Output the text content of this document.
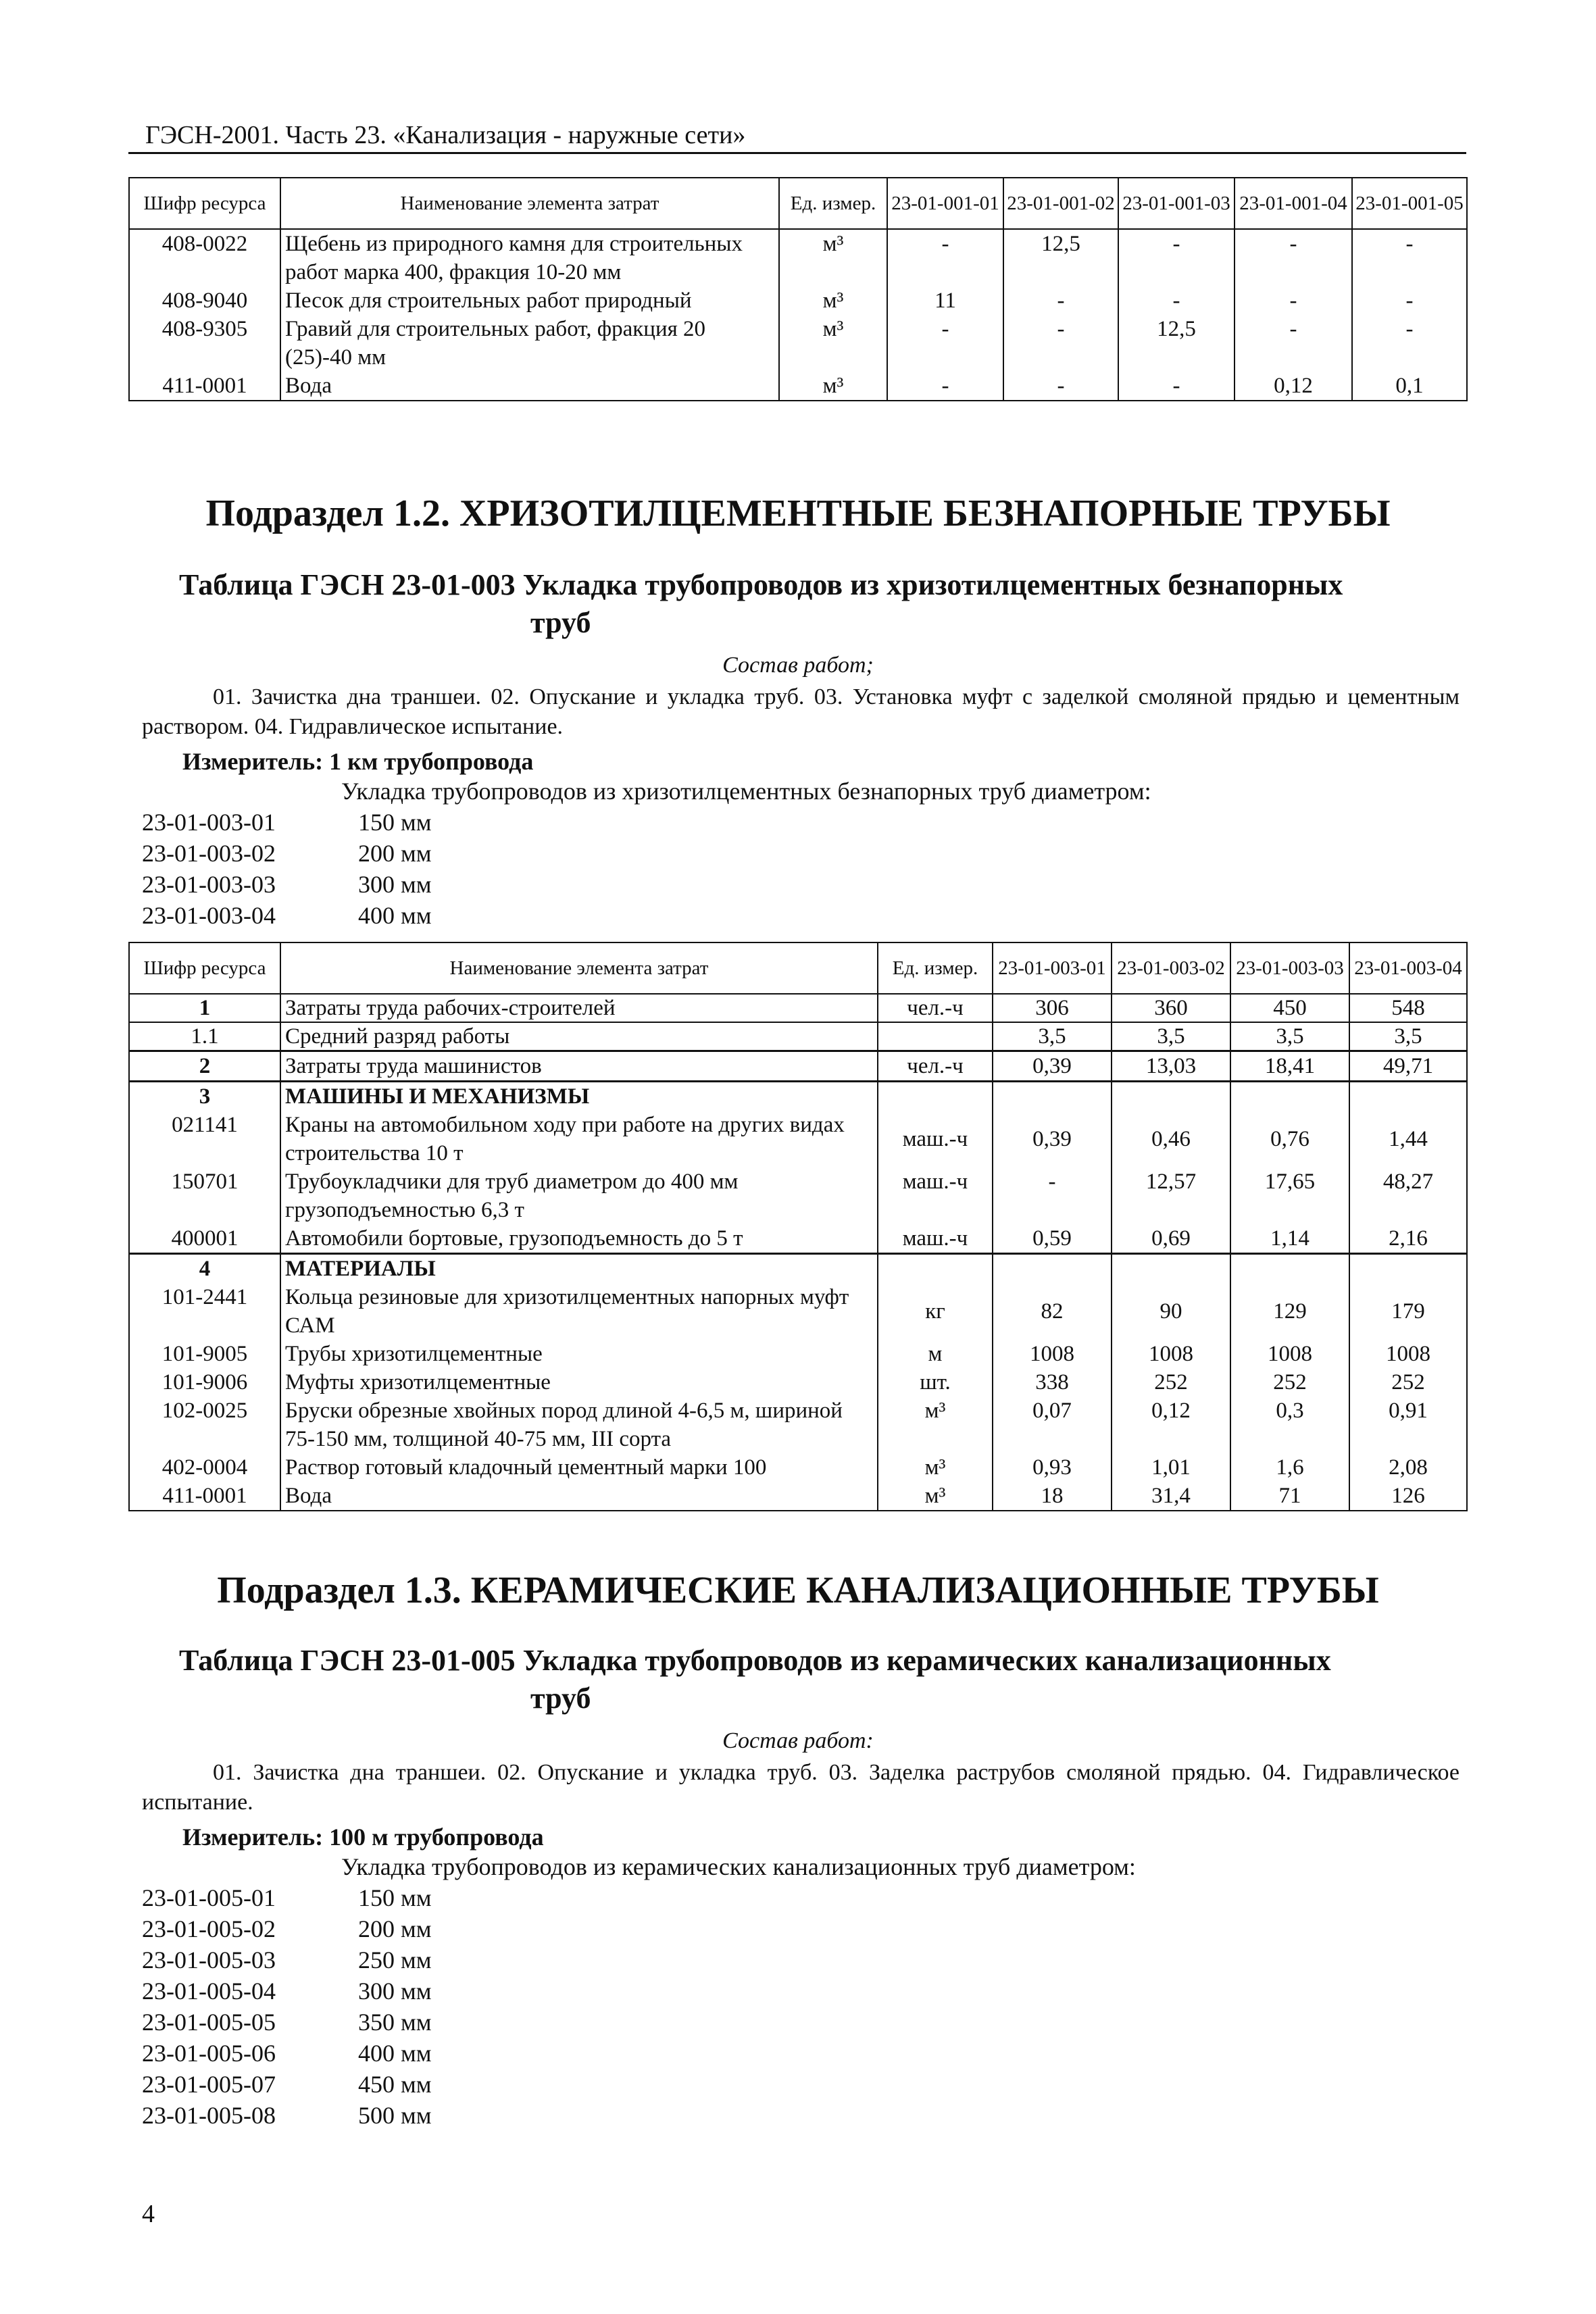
ГЭСН-2001. Часть 23. «Канализация - наружные сети»
Шифр ресурса	Наименование элемента затрат	Ед. измер.	23-01-001-01	23-01-001-02	23-01-001-03	23-01-001-04	23-01-001-05
408-0022	Щебень из природного камня для строительных работ марка 400, фракция 10-20 мм	м³	-	12,5	-	-	-
408-9040	Песок для строительных работ природный	м³	11	-	-	-	-
408-9305	Гравий для строительных работ, фракция 20 (25)-40 мм	м³	-	-	12,5	-	-
411-0001	Вода	м³	-	-	-	0,12	0,1
Подраздел 1.2. ХРИЗОТИЛЦЕМЕНТНЫЕ БЕЗНАПОРНЫЕ ТРУБЫ
Таблица ГЭСН 23-01-003 Укладка трубопроводов из хризотилцементных безнапорных
труб
Состав работ;
01. Зачистка дна траншеи. 02. Опускание и укладка труб. 03. Установка муфт с заделкой смоляной прядью и цементным раствором. 04. Гидравлическое испытание.
Измеритель: 1 км трубопровода
Укладка трубопроводов из хризотилцементных безнапорных труб диаметром:
23-01-003-01	150 мм
23-01-003-02	200 мм
23-01-003-03	300 мм
23-01-003-04	400 мм
Шифр ресурса	Наименование элемента затрат	Ед. измер.	23-01-003-01	23-01-003-02	23-01-003-03	23-01-003-04
1	Затраты труда рабочих-строителей	чел.-ч	306	360	450	548
1.1	Средний разряд работы		3,5	3,5	3,5	3,5
2	Затраты труда машинистов	чел.-ч	0,39	13,03	18,41	49,71
3	МАШИНЫ И МЕХАНИЗМЫ					
021141	Краны на автомобильном ходу при работе на других видах строительства 10 т	маш.-ч	0,39	0,46	0,76	1,44
150701	Трубоукладчики для труб диаметром до 400 мм грузоподъемностью 6,3 т	маш.-ч	-	12,57	17,65	48,27
400001	Автомобили бортовые, грузоподъемность до 5 т	маш.-ч	0,59	0,69	1,14	2,16
4	МАТЕРИАЛЫ					
101-2441	Кольца резиновые для хризотилцементных напорных муфт САМ	кг	82	90	129	179
101-9005	Трубы хризотилцементные	м	1008	1008	1008	1008
101-9006	Муфты хризотилцементные	шт.	338	252	252	252
102-0025	Бруски обрезные хвойных пород длиной 4-6,5 м, шириной 75-150 мм, толщиной 40-75 мм, III сорта	м³	0,07	0,12	0,3	0,91
402-0004	Раствор готовый кладочный цементный марки 100	м³	0,93	1,01	1,6	2,08
411-0001	Вода	м³	18	31,4	71	126
Подраздел 1.3. КЕРАМИЧЕСКИЕ КАНАЛИЗАЦИОННЫЕ ТРУБЫ
Таблица ГЭСН 23-01-005 Укладка трубопроводов из керамических канализационных
труб
Состав работ:
01. Зачистка дна траншеи. 02. Опускание и укладка труб. 03. Заделка раструбов смоляной прядью. 04. Гидравлическое испытание.
Измеритель: 100 м трубопровода
Укладка трубопроводов из керамических канализационных труб диаметром:
23-01-005-01	150 мм
23-01-005-02	200 мм
23-01-005-03	250 мм
23-01-005-04	300 мм
23-01-005-05	350 мм
23-01-005-06	400 мм
23-01-005-07	450 мм
23-01-005-08	500 мм
4
